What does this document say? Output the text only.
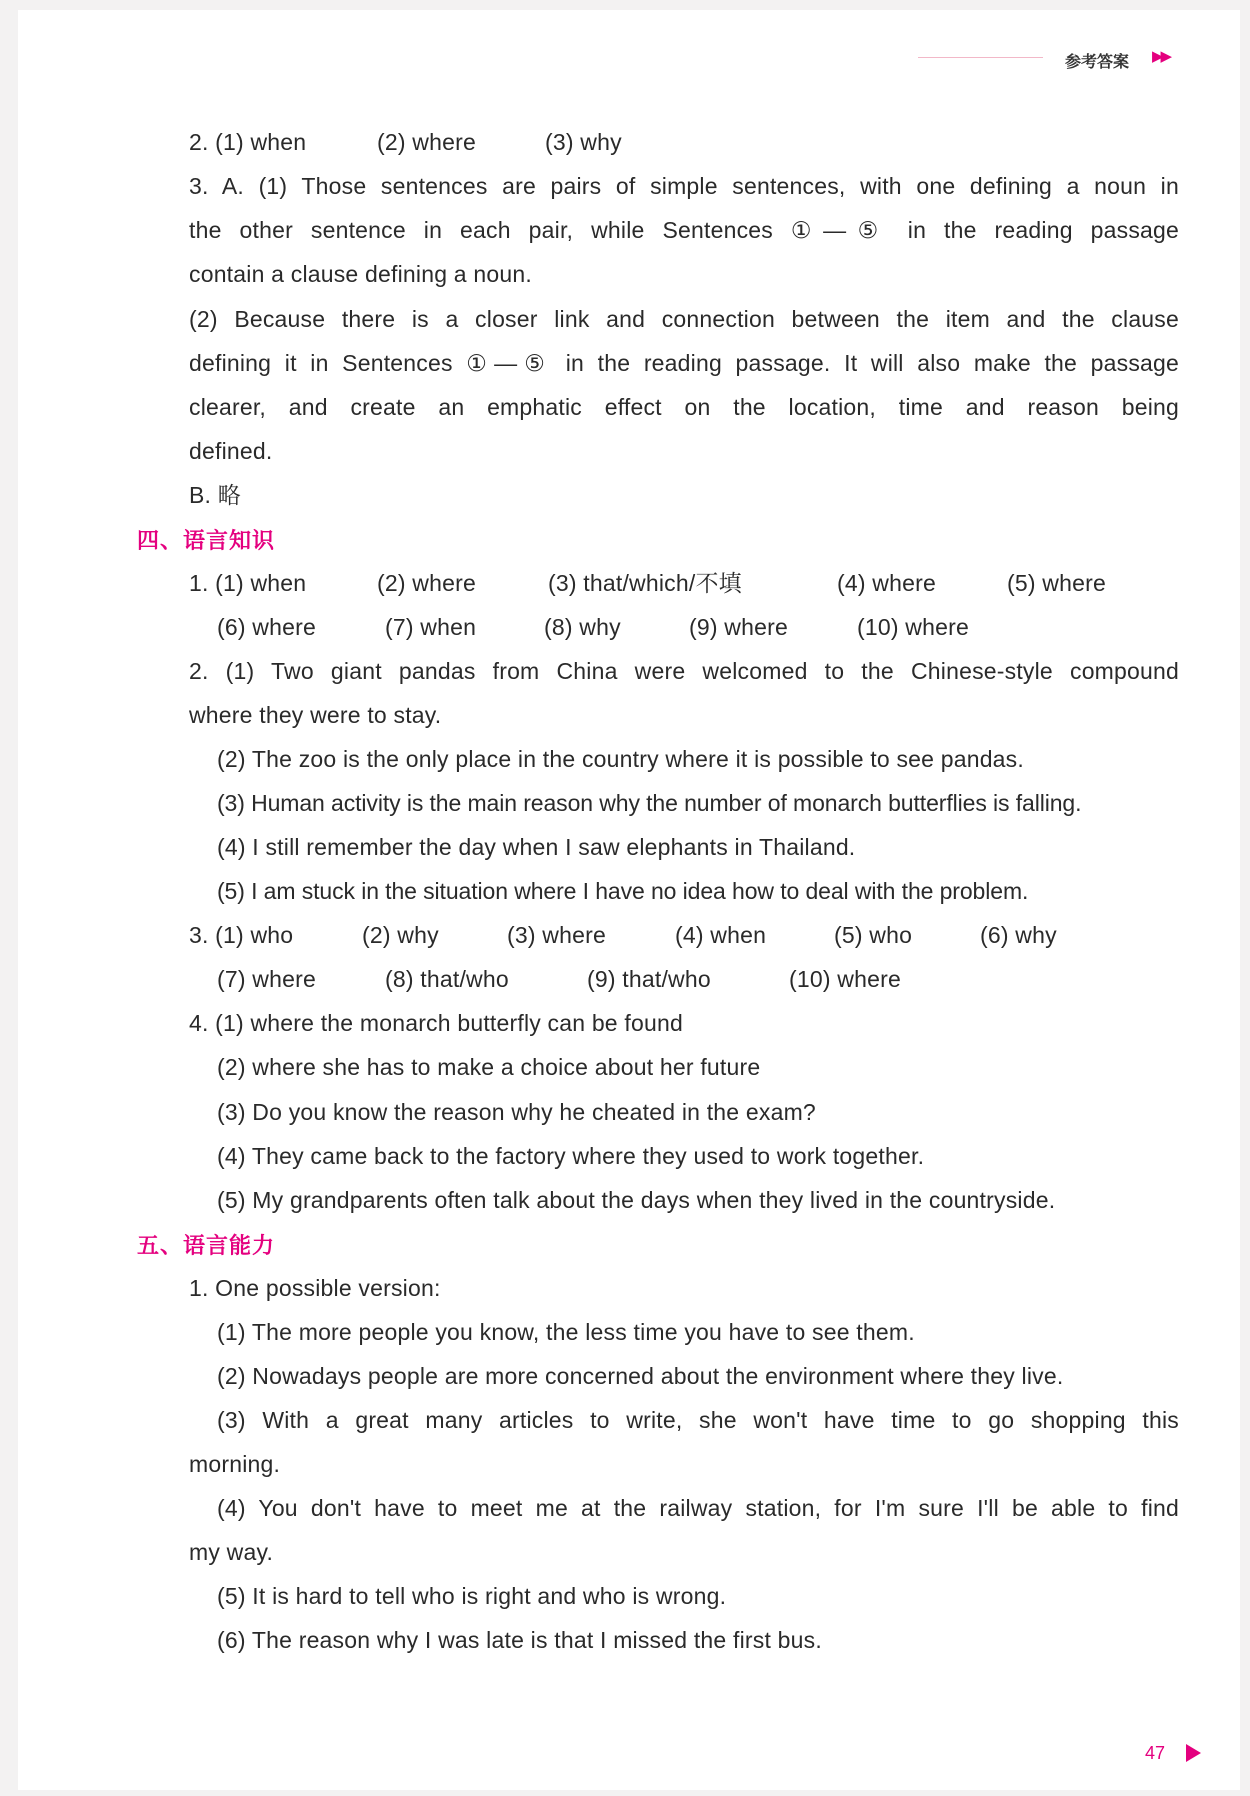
参考答案 ▶▶
2. (1) when	(2) where	(3) why
3. A. (1) Those sentences are pairs of simple sentences, with one defining a noun in
the other sentence in each pair, while Sentences ①—⑤ in the reading passage
contain a clause defining a noun.
(2) Because there is a closer link and connection between the item and the clause
defining it in Sentences ①—⑤ in the reading passage. It will also make the passage
clearer, and create an emphatic effect on the location, time and reason being
defined.
B. 略
四、语言知识
1. (1) when	(2) where	(3) that/which/不填	(4) where	(5) where
(6) where	(7) when	(8) why	(9) where	(10) where
2. (1) Two giant pandas from China were welcomed to the Chinese-style compound
where they were to stay.
(2) The zoo is the only place in the country where it is possible to see pandas.
(3) Human activity is the main reason why the number of monarch butterflies is falling.
(4) I still remember the day when I saw elephants in Thailand.
(5) I am stuck in the situation where I have no idea how to deal with the problem.
3. (1) who	(2) why	(3) where	(4) when	(5) who	(6) why
(7) where	(8) that/who	(9) that/who	(10) where
4. (1) where the monarch butterfly can be found
(2) where she has to make a choice about her future
(3) Do you know the reason why he cheated in the exam?
(4) They came back to the factory where they used to work together.
(5) My grandparents often talk about the days when they lived in the countryside.
五、语言能力
1. One possible version:
(1) The more people you know, the less time you have to see them.
(2) Nowadays people are more concerned about the environment where they live.
(3) With a great many articles to write, she won't have time to go shopping this
morning.
(4) You don't have to meet me at the railway station, for I'm sure I'll be able to find
my way.
(5) It is hard to tell who is right and who is wrong.
(6) The reason why I was late is that I missed the first bus.
47
